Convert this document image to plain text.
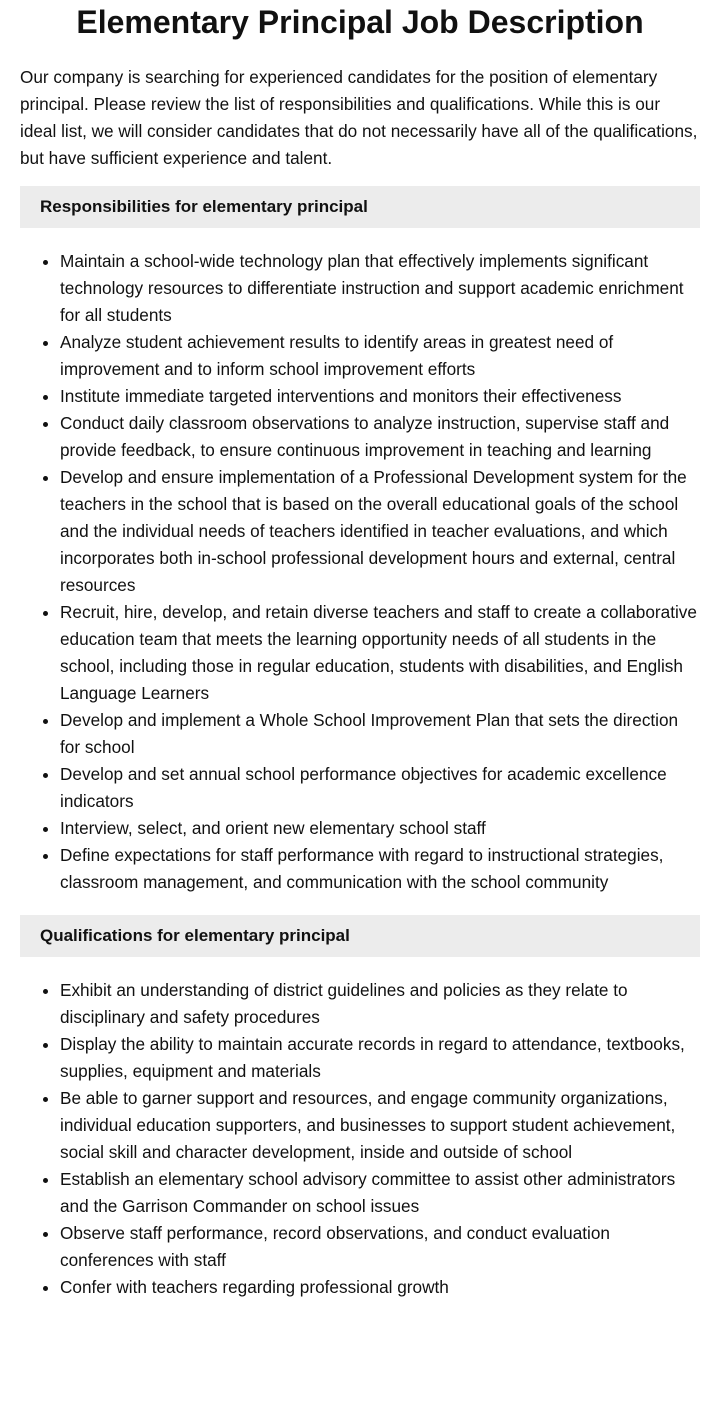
Elementary Principal Job Description

Our company is searching for experienced candidates for the position of elementary principal. Please review the list of responsibilities and qualifications. While this is our ideal list, we will consider candidates that do not necessarily have all of the qualifications, but have sufficient experience and talent.

Responsibilities for elementary principal
• Maintain a school-wide technology plan that effectively implements significant technology resources to differentiate instruction and support academic enrichment for all students
• Analyze student achievement results to identify areas in greatest need of improvement and to inform school improvement efforts
• Institute immediate targeted interventions and monitors their effectiveness
• Conduct daily classroom observations to analyze instruction, supervise staff and provide feedback, to ensure continuous improvement in teaching and learning
• Develop and ensure implementation of a Professional Development system for the teachers in the school that is based on the overall educational goals of the school and the individual needs of teachers identified in teacher evaluations, and which incorporates both in-school professional development hours and external, central resources
• Recruit, hire, develop, and retain diverse teachers and staff to create a collaborative education team that meets the learning opportunity needs of all students in the school, including those in regular education, students with disabilities, and English Language Learners
• Develop and implement a Whole School Improvement Plan that sets the direction for school
• Develop and set annual school performance objectives for academic excellence indicators
• Interview, select, and orient new elementary school staff
• Define expectations for staff performance with regard to instructional strategies, classroom management, and communication with the school community
Qualifications for elementary principal
• Exhibit an understanding of district guidelines and policies as they relate to disciplinary and safety procedures
• Display the ability to maintain accurate records in regard to attendance, textbooks, supplies, equipment and materials
• Be able to garner support and resources, and engage community organizations, individual education supporters, and businesses to support student achievement, social skill and character development, inside and outside of school
• Establish an elementary school advisory committee to assist other administrators and the Garrison Commander on school issues
• Observe staff performance, record observations, and conduct evaluation conferences with staff
• Confer with teachers regarding professional growth
